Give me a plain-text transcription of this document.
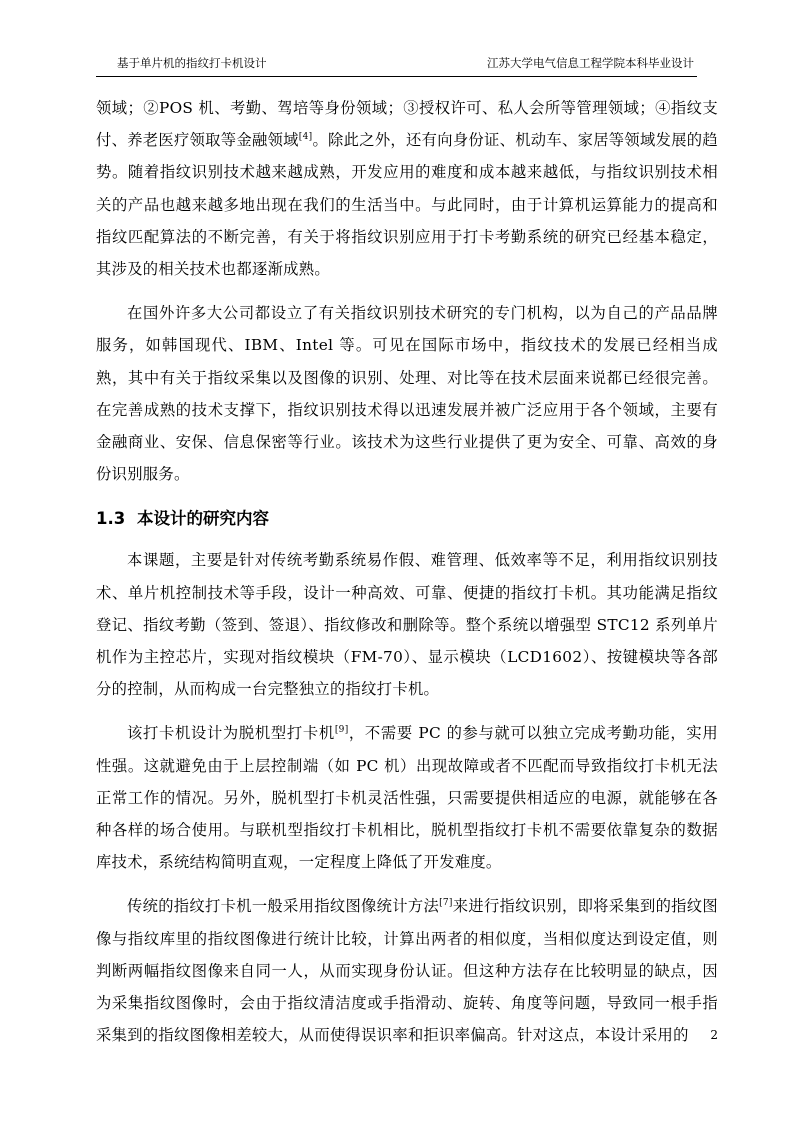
基于单片机的指纹打卡机设计	江苏大学电气信息工程学院本科毕业设计

领域；②POS 机、考勤、驾培等身份领域；③授权许可、私人会所等管理领域；④指纹支付、养老医疗领取等金融领域[4]。除此之外，还有向身份证、机动车、家居等领域发展的趋势。随着指纹识别技术越来越成熟，开发应用的难度和成本越来越低，与指纹识别技术相关的产品也越来越多地出现在我们的生活当中。与此同时，由于计算机运算能力的提高和指纹匹配算法的不断完善，有关于将指纹识别应用于打卡考勤系统的研究已经基本稳定，其涉及的相关技术也都逐渐成熟。

在国外许多大公司都设立了有关指纹识别技术研究的专门机构，以为自己的产品品牌服务，如韩国现代、IBM、Intel 等。可见在国际市场中，指纹技术的发展已经相当成熟，其中有关于指纹采集以及图像的识别、处理、对比等在技术层面来说都已经很完善。在完善成熟的技术支撑下，指纹识别技术得以迅速发展并被广泛应用于各个领域，主要有金融商业、安保、信息保密等行业。该技术为这些行业提供了更为安全、可靠、高效的身份识别服务。

1.3 本设计的研究内容

本课题，主要是针对传统考勤系统易作假、难管理、低效率等不足，利用指纹识别技术、单片机控制技术等手段，设计一种高效、可靠、便捷的指纹打卡机。其功能满足指纹登记、指纹考勤（签到、签退）、指纹修改和删除等。整个系统以增强型 STC12 系列单片机作为主控芯片，实现对指纹模块（FM-70）、显示模块（LCD1602）、按键模块等各部分的控制，从而构成一台完整独立的指纹打卡机。

该打卡机设计为脱机型打卡机[9]，不需要 PC 的参与就可以独立完成考勤功能，实用性强。这就避免由于上层控制端（如 PC 机）出现故障或者不匹配而导致指纹打卡机无法正常工作的情况。另外，脱机型打卡机灵活性强，只需要提供相适应的电源，就能够在各种各样的场合使用。与联机型指纹打卡机相比，脱机型指纹打卡机不需要依靠复杂的数据库技术，系统结构简明直观，一定程度上降低了开发难度。

传统的指纹打卡机一般采用指纹图像统计方法[7]来进行指纹识别，即将采集到的指纹图像与指纹库里的指纹图像进行统计比较，计算出两者的相似度，当相似度达到设定值，则判断两幅指纹图像来自同一人，从而实现身份认证。但这种方法存在比较明显的缺点，因为采集指纹图像时，会由于指纹清洁度或手指滑动、旋转、角度等问题，导致同一根手指采集到的指纹图像相差较大，从而使得误识率和拒识率偏高。针对这点，本设计采用的	2
